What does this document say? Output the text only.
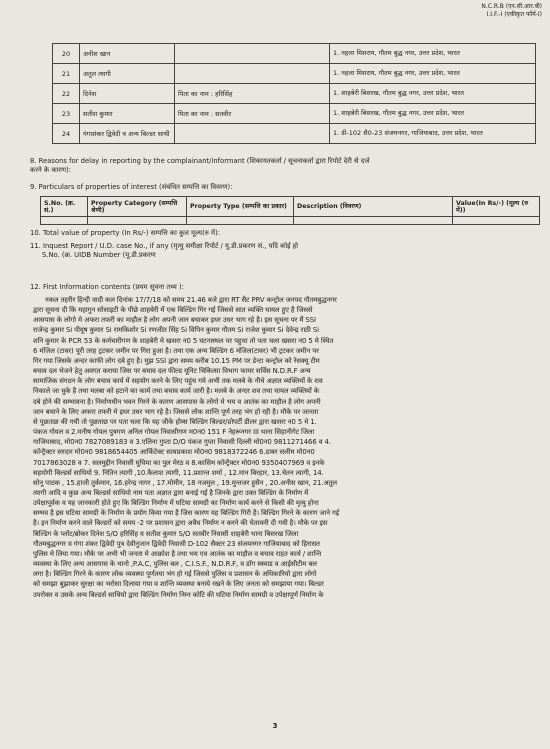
N.C.R.B (एन.सी.आर.बी)
I.I.F.-I (एकीकृत फॉर्म-I)
20	अनीश खान		1. नहला मिसराय, गौतम बुद्ध नगर, उत्तर प्रदेश, भारत
21	अतुल त्यागी		1. नहला मिसराय, गौतम बुद्ध नगर, उत्तर प्रदेश, भारत
22	दिनेश	पिता का नाम : हरिसिंह	1. शाहबेरी बिसरख, गौतम बुद्ध नगर, उत्तर प्रदेश, भारत
23	सतीश कुमार	पिता का नाम : सतवीर	1. शाहबेरी बिसरख, गौतम बुद्ध नगर, उत्तर प्रदेश, भारत
24	गंगाशंकर द्विवेदी व अन्य बिल्डर साथी		1. डी-102 सै0-23 संजयनगर, गाजियाबाद, उत्तर प्रदेश, भारत
8. Reasons for delay in reporting by the complainant/informant (शिकायतकर्ता / सूचनाकर्ता द्वारा रिपोर्ट देरी से दर्ज
करने के कारण):
9. Particulars of properties of interest (संबंधित सम्पत्ति का विवरण):
S.No. (क्र. सं.)	Property Category (सम्पत्ति श्रेणी)	Property Type (सम्पत्ति का प्रकार)	Description (विवरण)	Value(In Rs/-) (मूल्य (रु में))

10. Total value of property (In Rs/-) सम्पत्ति का कुल मूल्य(रु में):
11. Inquest Report / U.D. case No., if any (मृत्यु समीक्षा रिपोर्ट / यू.डी.प्रकरण सं., यदि कोई हो
S.No. (क्र. UIDB Number (यू.डी.प्रकरण
12. First Information contents (प्रथम सूचना तथ्य ):
नकल तहरीर हिन्दी वादी कल दिनांक 17/7/18 को समय 21.46 बजे द्वारा RT सैट PRV कन्ट्रोल जनपद गौतमबुद्धनगर
द्वारा सूचना दी कि महागुन सोसाइटी के पीछे शाहबेरी में एक बिल्डिंग गिर गई जिससे सात व्यक्ति घायल हुए है जिससे
आसपास के लोगो मे अफरा तफरी का माहौल है लोग अपनी जान बचाकर इधर उधर भाग रहे है। इस सूचना पर मैं SSI
राजेन्द्र कुमार Si पीयूष कुमार Si रामकिशोर Si रणजीत सिंह Si विपिन कुमार गौतम Si राजेश कुमार Si देवेन्द्र राठी Si
शनि कुमार के PCR 53 के कर्मचारीगण के शाहबेरी मे खसरा न0 5 घटनास्थल पर पहुचा तो पता चला खसरा न0 5 मे स्थित
6 मंजिल (टावर) पूरी तरह ट्रटकर जमीन पर गिरा हुआ है। तथा एक अन्य बिल्डिंग 6 मंजिल(टावर) भी ट्रटकर जमीन पर
गिर गया जिसके अन्दर काफी लोग दबे हुए है। मुझ SSI द्वारा समय करीब 10.15 PM पर डेन्टा कन्ट्रोल को रेसक्यू टीम
बचाव दल भेजने हेतु अवगत कराया जिस पर बचाव दल फील्ड यूनिट चिकित्सा विभाग फायर सर्विस N.D.R.F अन्य
सामाजिक संगठन के लोग बचाव कार्य में सहयोग करने के लिए पहुंच गये अभी तक मलबे के नीचे अज्ञात व्यक्तियों के शव
निकाले जा चुके है तथा मलबा को हटाने का कार्य तथा बचाव कार्य जारी है। मलबे के अन्दर शव तथा घायल व्यक्तियों के
दबे होने की सम्भावना है। निर्माणधीन भवन गिरने के कारण आसपास के लोगो मे भय व आतंक का माहौल है लोग अपनी
जान बचाने के लिए अफरा तफरी मे इधर उधर भाग रहे है। जिससे लोक शान्ति पूर्ण तरह भंग हो रही है। मौके पर जानता
से पूछताछ की गयी तो पूछताछ पर पता चला कि यह जीके होम्स बिल्डिंग बिल्डर/प्रोपर्टी डीलर द्वारा खसरा न0 5 मे 1.
पंकज गोयल व 2.मनीष गोयल पुत्रगण अनिल गोयल निवासीगण म0न0 151 F नेहरूनगर III थाना सिहानीगेट जिला
गाजियाबाद, मो0न0 7827089183 व 3.एलिना गुप्ता D/O पंकज गुप्ता निवासी दिल्ली मो0न0 9811271466 व 4.
कॉन्ट्रैक्टर सरदार मो0न0 9818654405 आर्किटेक्ट सत्यप्रकाश मो0न0 9818372246 6.डाबर सलीम मो0न0
7017863028 व 7. सलमुद्दीन निवासी घुघिया का पुल मेरठ व 8.कासिम कॉन्ट्रैक्टर मो0न0 9350407969 व इनके
सहयोगी बिल्डर्स साथियो 9. नितिन त्यागी ,10.कैलाश त्यागी, 11.प्रशान्त शर्मा , 12.मान बिरहार, 13.चेतन त्यागी, 14.
सोनू पाठक , 15.हाजी तुर्कमान, 16.हरेन्द्र नागर , 17.मोमीन, 18 नजमुल , 19.मुन्तजर हुसैन , 20.अनीस खान, 21.अतुल
त्यागी आदि व कुछ अन्य बिल्डर्स साथियो नाम पता अज्ञात द्वारा बनाई गई है जिनके द्वारा उक्त बिल्डिंग के निर्माण में
उपेक्षापूर्वक व यह जानकारी होते हुए कि बिल्डिंग निर्माण में घटिया सामग्री का निर्माण कार्य करने से किसी की मृत्यु होना
सम्भव है इस घटिया सामग्री के निर्माण के प्रयोग किया गया है जिस कारण यह बिल्डिंग गिरी है। बिल्डिंग गिरने के कारण जाने गई
है। इन निर्माण करने वाले बिल्डरों को समय -2 पर प्रशासन द्वारा अवैध निर्माण न करने की चेतावनी दी गयी है। मौके पर इस
बिल्डिंग के प्लॉट/ब्रोकर दिनेश S/O हरिसिंह व सतीश कुमार S/O सतवीर निवासी शाहबेरी थाना बिसरख जिला
गौतमबुद्धनगर व गंगा शंकर द्विवेदी पुत्र देवीनुजान द्विवेदी निवासी D-102 सैक्टर 23 संजयनगर गाजियाबाद को हिरासत
पुलिस मे लिया गया। मौके पर अभी भी जनता मे आक्रोश है तथा भय एव आतंक का माहौल व बचाव राहत कार्य / शान्ति
व्यवस्था के लिए अन्य आसपास के थानो ,P.A.C, पुलिस बल , C.I.S.F., N.D.R.F, व डॉग स्क्वाड व आईसीटीम बल
लगा है। बिल्डिंग गिरने के कारण लोक व्यवस्था पूर्णतया भंग हो गई जिससे पुलिस व प्रशासन के अधिकारियो द्वारा लोगो
को समझा बुझाकर सुरक्षा का भरोसा दिलाया गया व शान्ति व्यवस्था बनाये रखने के लिए जनता को समझाया गया। बिल्डर
उपरोक्त व उसके अन्य बिल्डर्स साथियो द्वारा बिल्डिंग निर्माण निम्न कोटि की घटिया निर्माण सामग्री व उपेक्षापूर्ण निर्माण के
3
